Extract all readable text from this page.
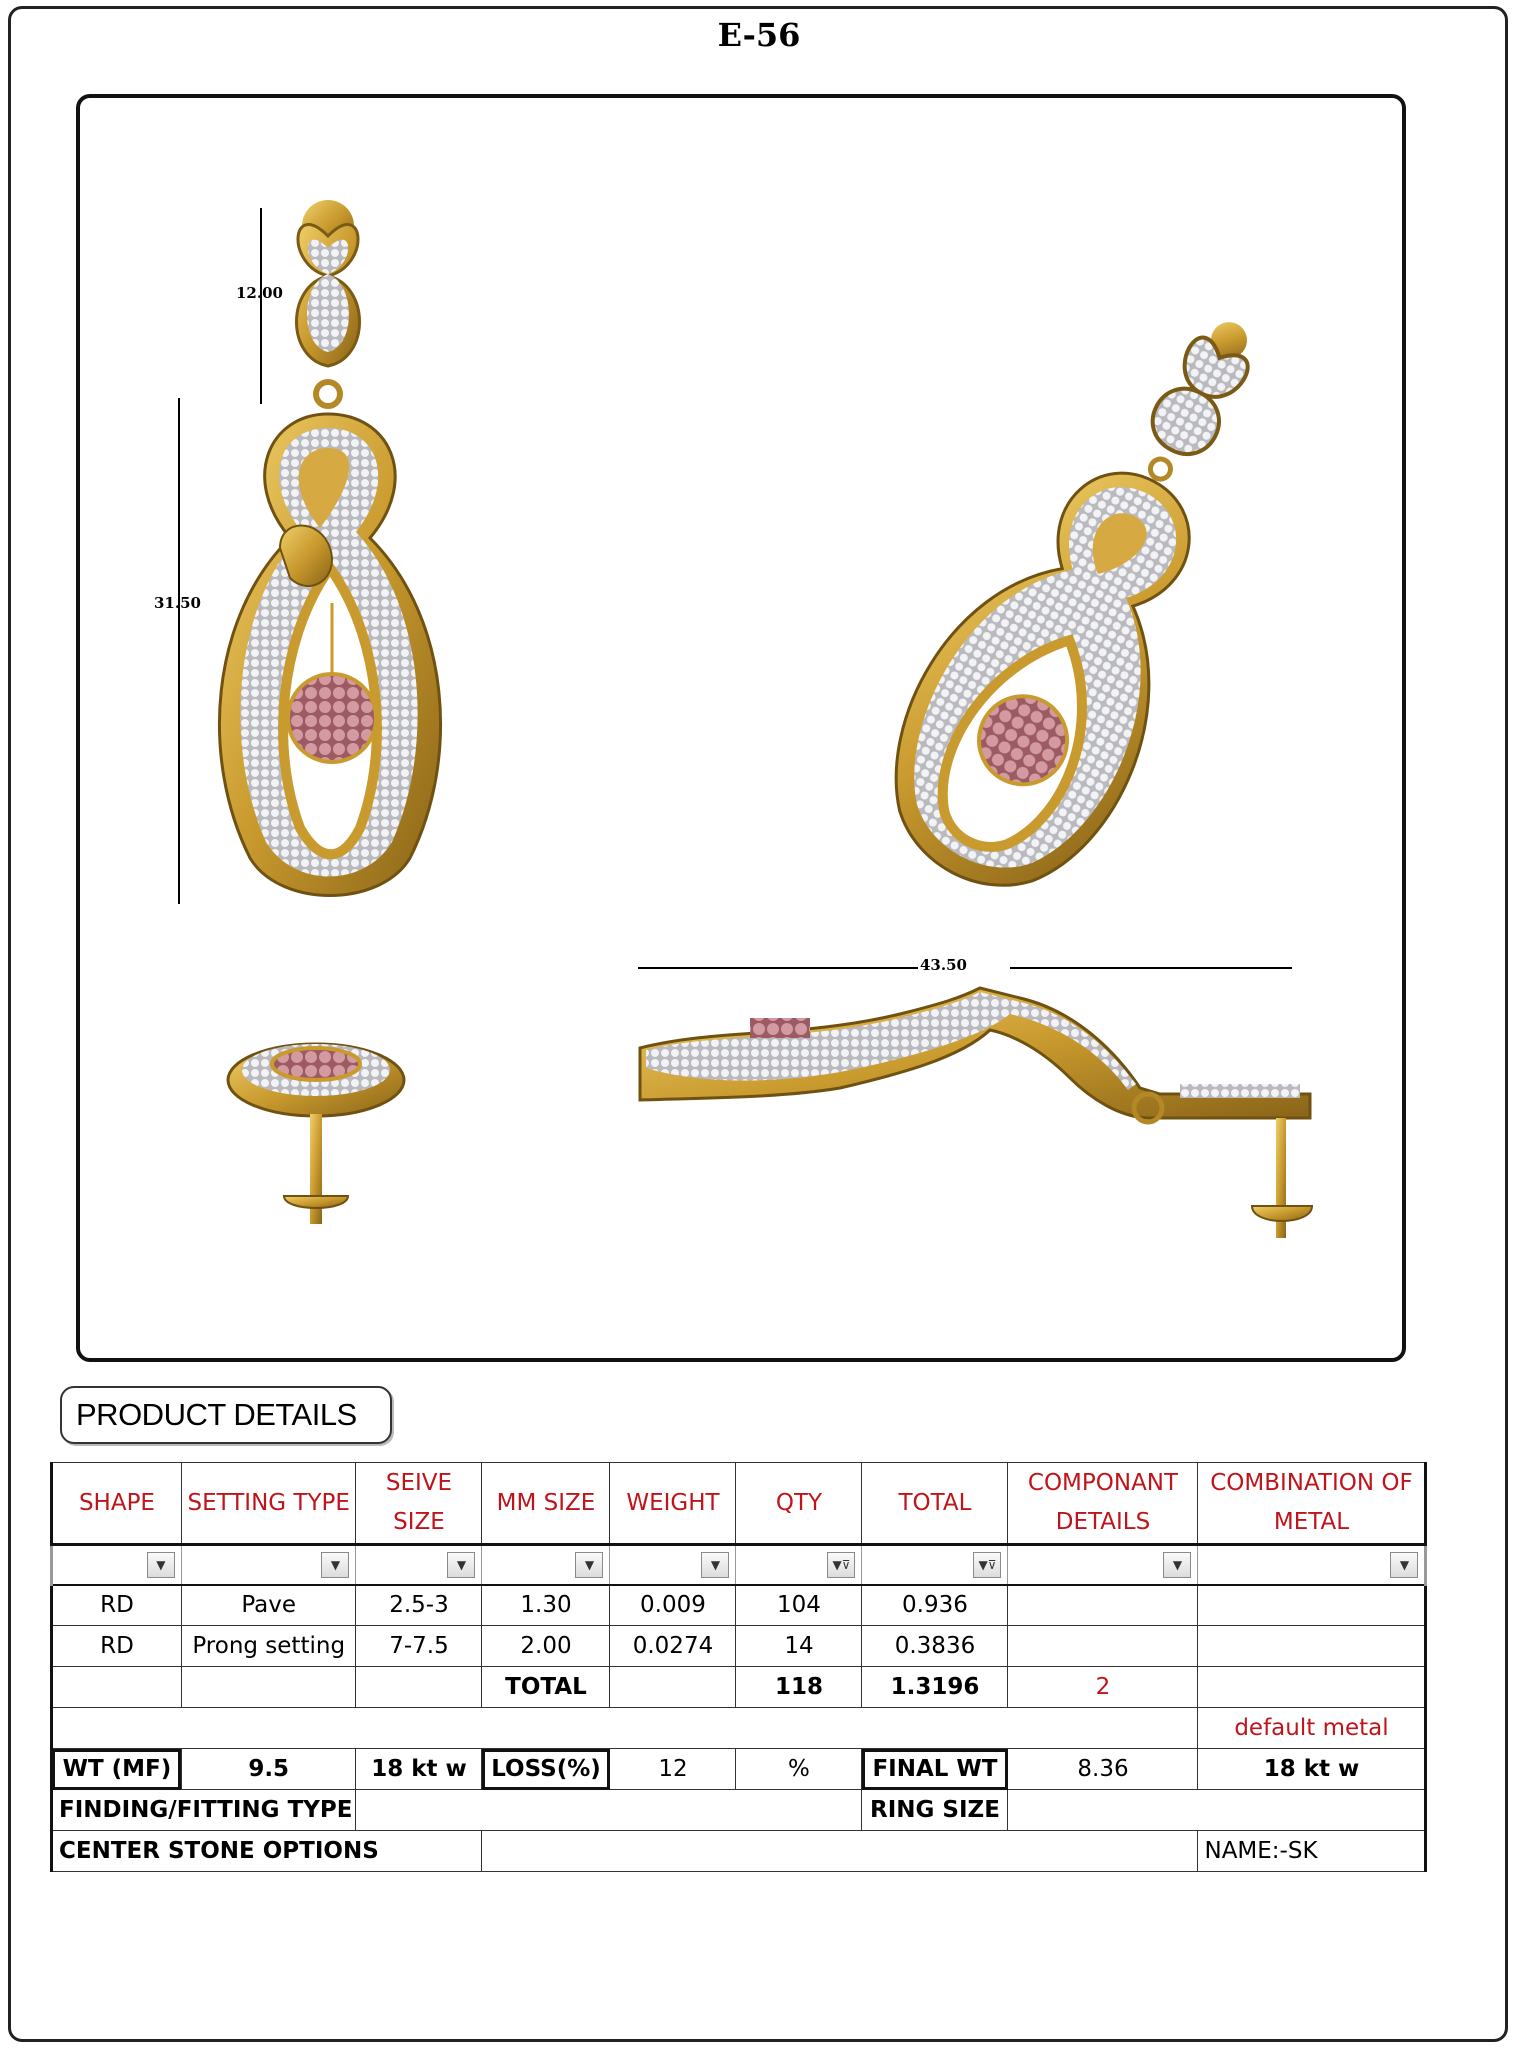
E-56
12.00
31.50
43.50
PRODUCT DETAILS
SHAPE	SETTING TYPE	SEIVE SIZE	MM SIZE	WEIGHT	QTY	TOTAL	COMPONANT DETAILS	COMBINATION OF METAL
▼	▼	▼	▼	▼	▼⊽	▼⊽	▼	▼
RD	Pave	2.5-3	1.30	0.009	104	0.936		
RD	Prong setting	7-7.5	2.00	0.0274	14	0.3836		
			TOTAL		118	1.3196	2	
								default metal
WT (MF)	9.5	18 kt w	LOSS(%)	12	%	FINAL WT	8.36	18 kt w
FINDING/FITTING TYPE						RING SIZE		
CENTER STONE OPTIONS								NAME:-SK
